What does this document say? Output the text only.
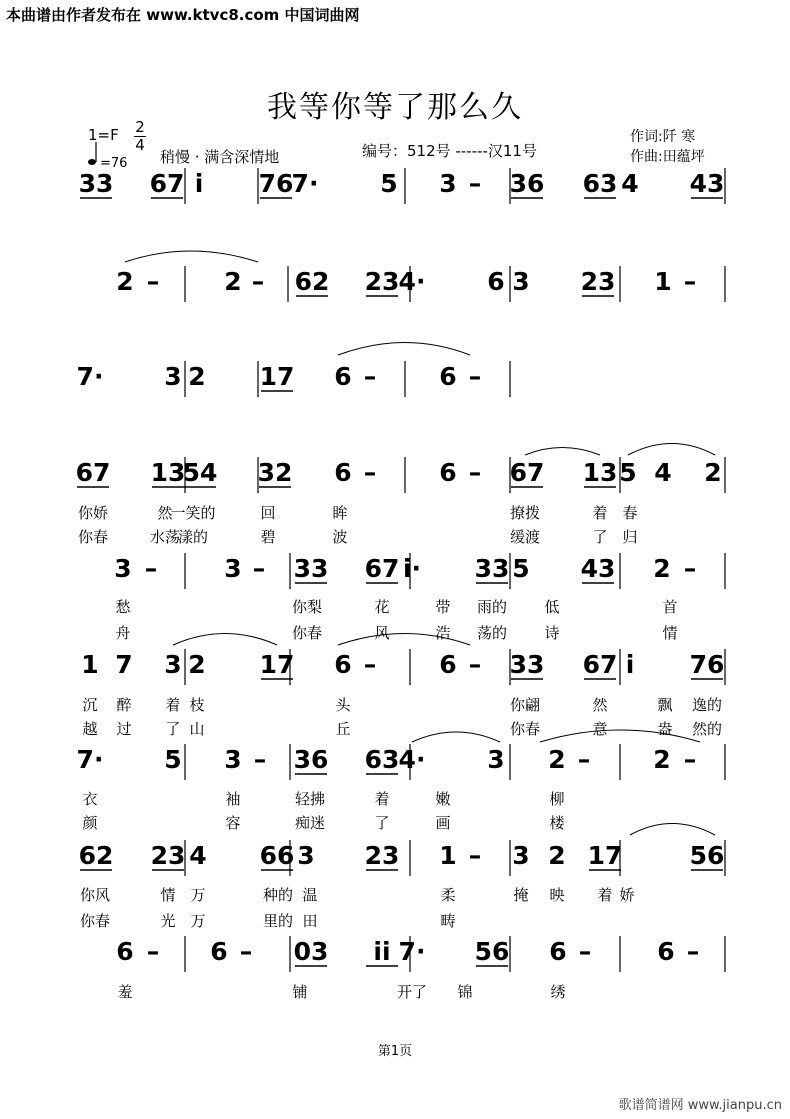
本曲谱由作者发布在 www.ktvc8.com 中国词曲网
我等你等了那么久
1=F 2
4
=76 稍慢 · 满含深情地	编号：512号 ------汉11号
作词:阡 寒
作曲:田蕴坪
33 67 i 76
7· 5 3 – 36 63 4 43
2 –	2 – 62 23 4· 6 3 23 1 –
7· 3 2 17 6 –	6 –
67 13
54 32 6 –	6 – 67 13 5 4 2
你娇	然
一笑的	回	眸	撩拨	着 春
你春	水荡
漾的	碧	波	缓渡	了 归
3 –	3 – 33 67 i· 33 5 43 2 –
愁	你梨	花	带 雨的 低	首
舟	你春	风	浩 荡的 诗	情
1 7 3 2 17 6 –	6 – 33 67 i 76
沉 醉 着 枝	头	你翩	然	飘 逸的
越 过 了 山	丘	你春	意	盎 然的
7· 5 3 – 36 63 4· 3 2 –	2 –
衣	袖	轻拂	着	嫩	柳
颜	容	痴迷	了	画	楼
62 23 4 66 3 23 1 – 3 2 17	56
你风	情 万	种的 温	柔	掩 映 着 娇
你春	光 万	里的 田	畴
6 – 6 – 03 ii 7· 56 6 –	6 –
羞	铺	开了 锦	绣
第1页
歌谱简谱网 www.jianpu.cn
